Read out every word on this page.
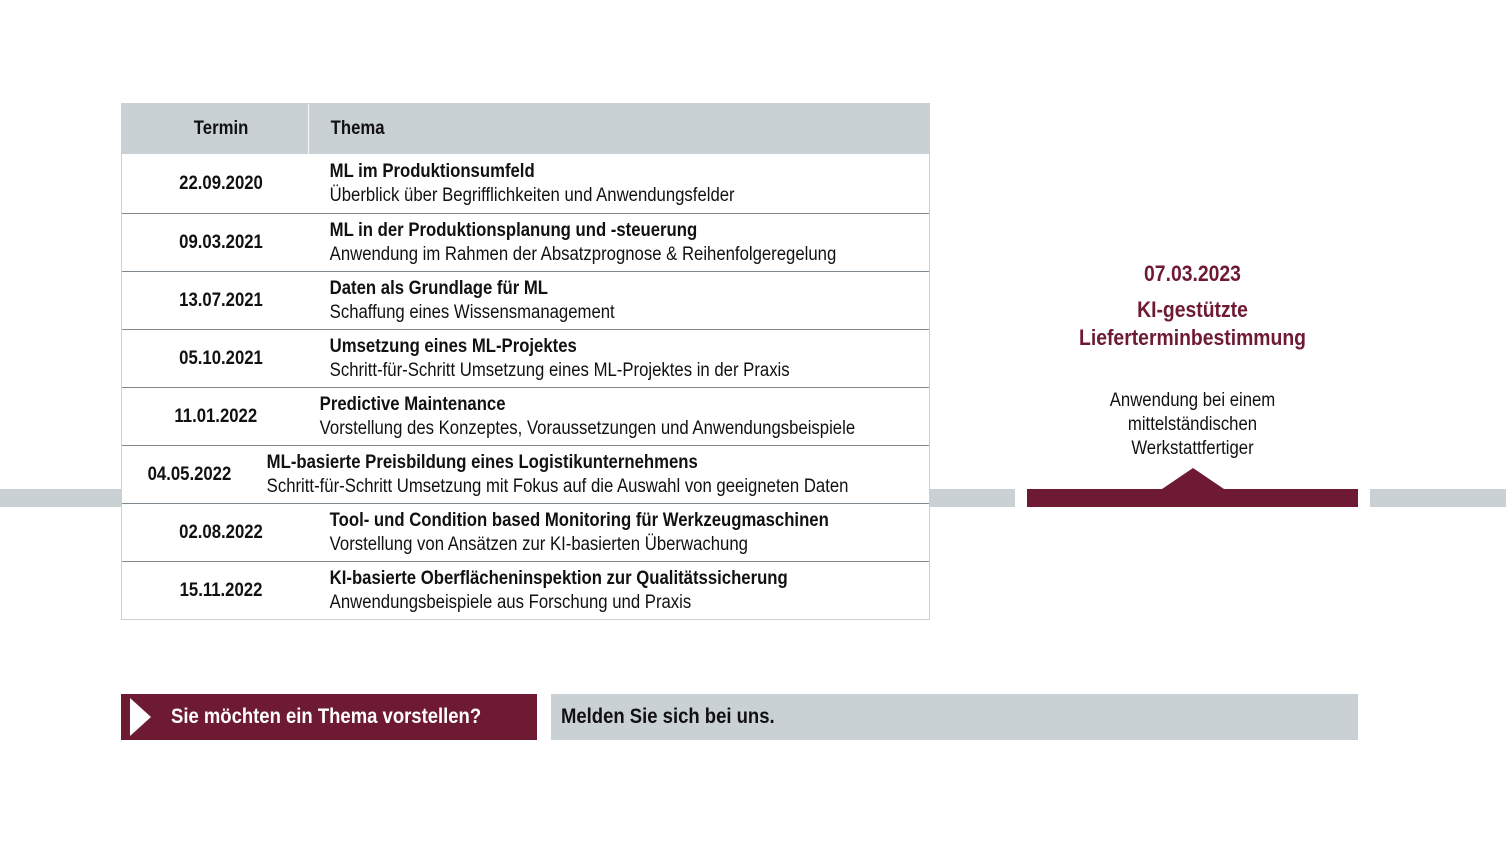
Termin	Thema
22.09.2020
ML im Produktionsumfeld
Überblick über Begrifflichkeiten und Anwendungsfelder
09.03.2021
ML in der Produktionsplanung und -steuerung
Anwendung im Rahmen der Absatzprognose & Reihenfolgeregelung
13.07.2021
Daten als Grundlage für ML
Schaffung eines Wissensmanagement
05.10.2021
Umsetzung eines ML-Projektes
Schritt-für-Schritt Umsetzung eines ML-Projektes in der Praxis
11.01.2022
Predictive Maintenance
Vorstellung des Konzeptes, Voraussetzungen und Anwendungsbeispiele
04.05.2022
ML-basierte Preisbildung eines Logistikunternehmens
Schritt-für-Schritt Umsetzung mit Fokus auf die Auswahl von geeigneten Daten
02.08.2022
Tool- und Condition based Monitoring für Werkzeugmaschinen
Vorstellung von Ansätzen zur KI-basierten Überwachung
15.11.2022
KI-basierte Oberflächeninspektion zur Qualitätssicherung
Anwendungsbeispiele aus Forschung und Praxis
07.03.2023
KI-gestützte
Lieferterminbestimmung
Anwendung bei einem mittelständischen
Werkstattfertiger
Sie möchten ein Thema vorstellen?	Melden Sie sich bei uns.
